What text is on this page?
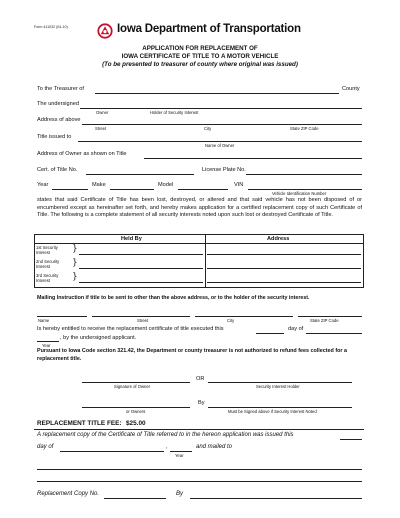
Form 411032 (04-10)	Iowa Department of Transportation
APPLICATION FOR REPLACEMENT OF
IOWA CERTIFICATE OF TITLE TO A MOTOR VEHICLE
(To be presented to treasurer of county where original was issued)
To the Treasurer of	County
The undersigned
Owner	Holder of Security Interest
Address of above
Street	City	State ZIP Code
Title issued to
Name of Owner
Address of Owner as shown on Title
Cert. of Title No.	License Plate No.
Year	Make	Model	VIN
Vehicle Identification Number
states that said Certificate of Title has been lost, destroyed, or altered and that said vehicle has not been disposed of or encumbered except as hereinafter set forth, and hereby makes application for a certified replacement copy of such Certificate of Title. The following is a complete statement of all security interests noted upon such lost or destroyed Certificate of Title.
Held By	Address
1st Security
Interest	}
2nd Security
Interest	}
3rd Security
Interest	}
Mailing Instruction if title to be sent to other than the above address, or to the holder of the security interest.
Name	Street	City	State ZIP Code
Is hereby entitled to receive the replacement certificate of title executed this	day of
, by the undersigned applicant.
Year
Pursuant to Iowa Code section 321.42, the Department or county treasurer is not authorized to refund fees collected for a replacement title.
OR
Signature of Owner	Security Interest Holder
By
or Owners	Must be Signed above if Security Interest Noted
REPLACEMENT TITLE FEE: $25.00
A replacement copy of the Certificate of Title referred to in the hereon application was issued this
day of	,	and mailed to
Year
Replacement Copy No.	By
